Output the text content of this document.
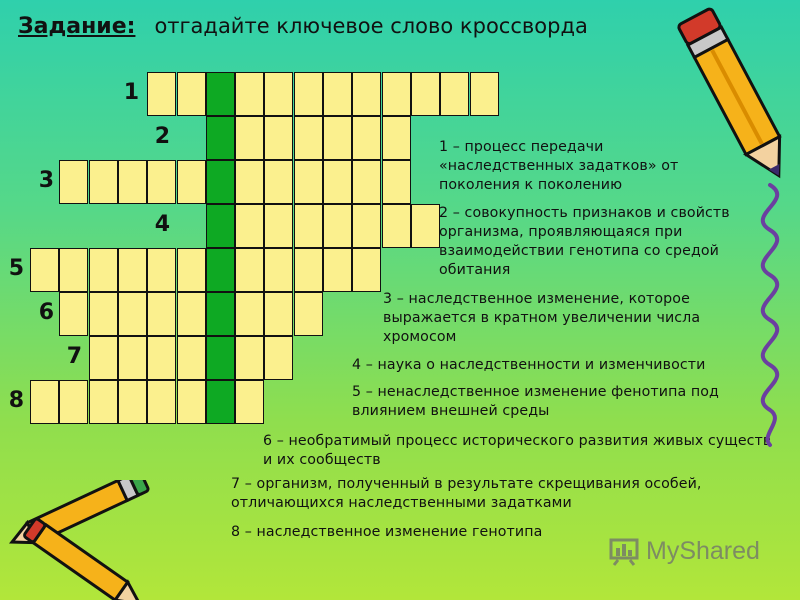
Задание: отгадайте ключевое слово кроссворда
1
2
3
4
5
6
7
8
1 – процесс передачи «наследственных задатков» от поколения к поколению
2 – совокупность признаков и свойств организма, проявляющаяся при взаимодействии генотипа со средой обитания
3 – наследственное изменение, которое выражается в кратном увеличении числа хромосом
4 – наука о наследственности и изменчивости
5 – ненаследственное изменение фенотипа под влиянием внешней среды
6 – необратимый процесс исторического развития живых существ и их сообществ
7 – организм, полученный в результате скрещивания особей, отличающихся наследственными задатками
8 – наследственное изменение генотипа
MyShared
